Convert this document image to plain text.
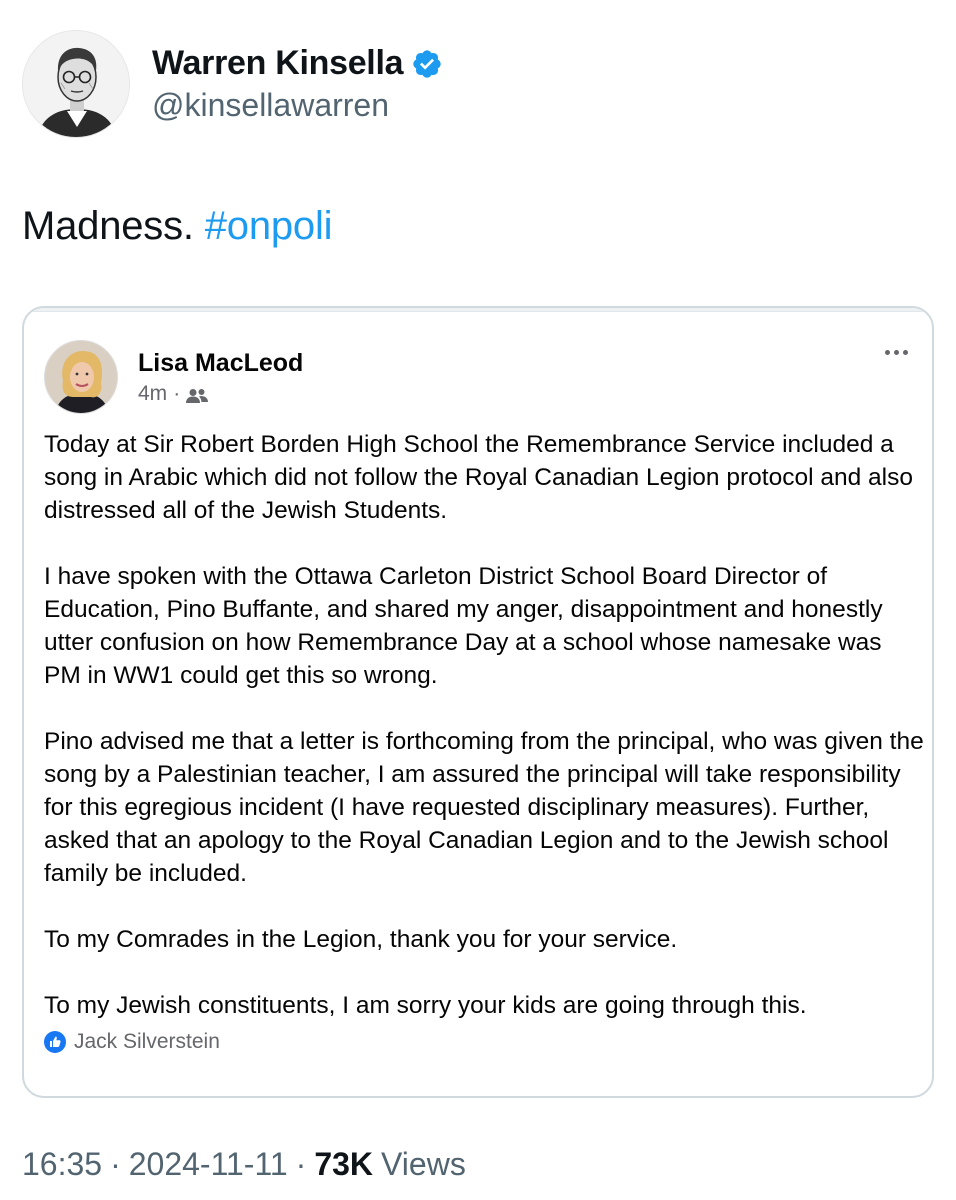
Warren Kinsella
@kinsellawarren
Madness. #onpoli
Lisa MacLeod
4m ·

Today at Sir Robert Borden High School the Remembrance Service included a song in Arabic which did not follow the Royal Canadian Legion protocol and also distressed all of the Jewish Students.

I have spoken with the Ottawa Carleton District School Board Director of Education, Pino Buffante, and shared my anger, disappointment and honestly utter confusion on how Remembrance Day at a school whose namesake was PM in WW1 could get this so wrong.

Pino advised me that a letter is forthcoming from the principal, who was given the song by a Palestinian teacher, I am assured the principal will take responsibility for this egregious incident (I have requested disciplinary measures). Further, asked that an apology to the Royal Canadian Legion and to the Jewish school family be included.

To my Comrades in the Legion, thank you for your service.

To my Jewish constituents, I am sorry your kids are going through this.

Jack Silverstein
16:35 · 2024-11-11 · 73K Views
